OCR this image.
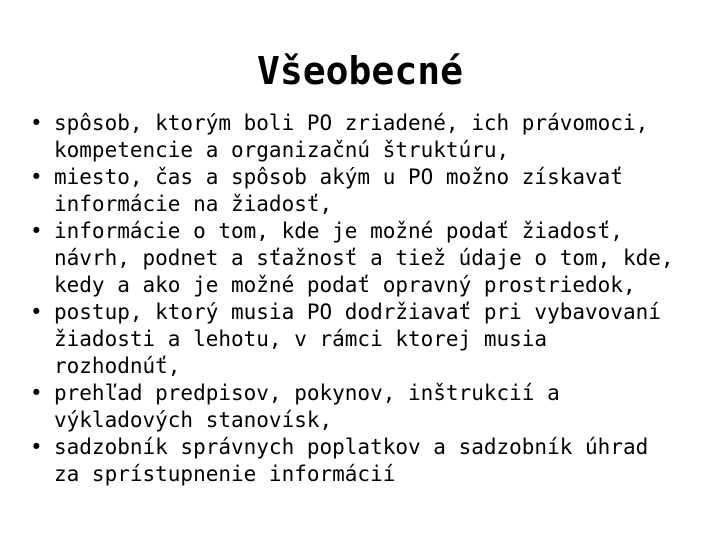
Všeobecné
• spôsob, ktorým boli PO zriadené, ich právomoci,
kompetencie a organizačnú štruktúru,
• miesto, čas a spôsob akým u PO možno získavať
informácie na žiadosť,
• informácie o tom, kde je možné podať žiadosť,
návrh, podnet a sťažnosť a tiež údaje o tom, kde,
kedy a ako je možné podať opravný prostriedok,
• postup, ktorý musia PO dodržiavať pri vybavovaní
žiadosti a lehotu, v rámci ktorej musia
rozhodnúť,
• prehľad predpisov, pokynov, inštrukcií a
výkladových stanovísk,
• sadzobník správnych poplatkov a sadzobník úhrad
za sprístupnenie informácií
